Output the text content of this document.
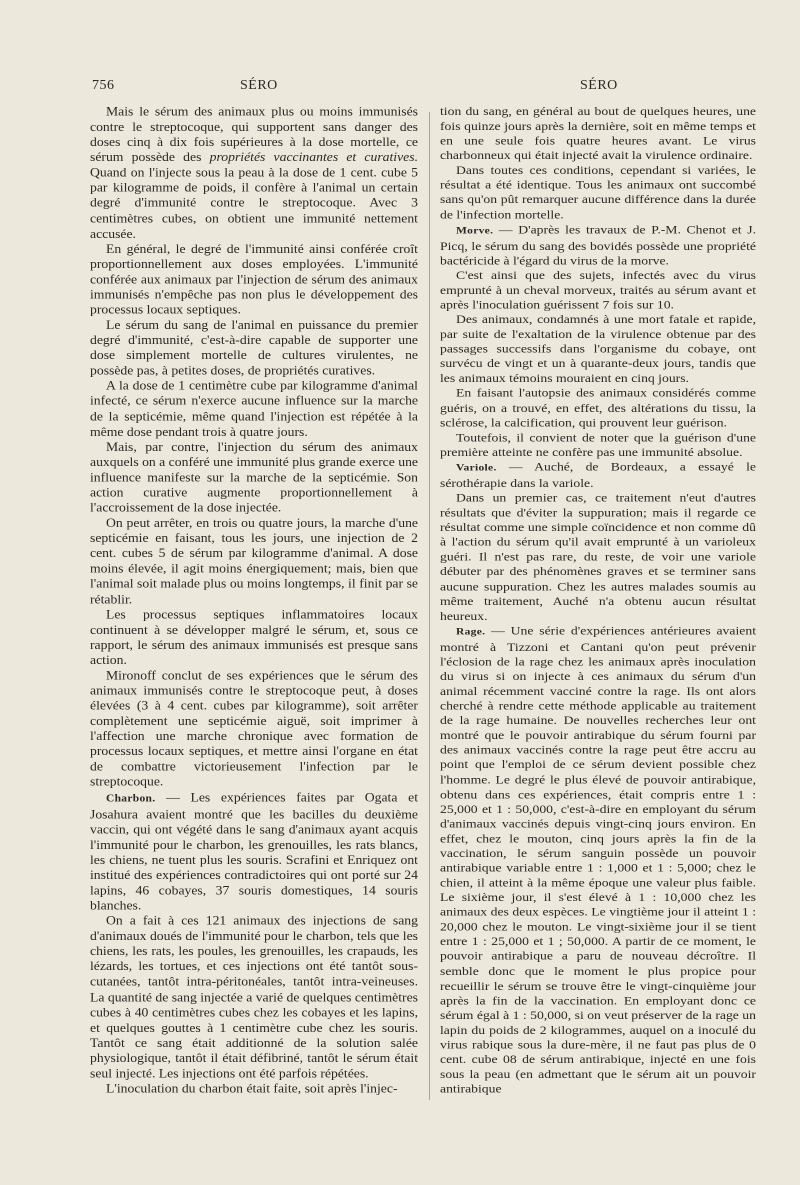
756	SÉRO	SÉRO

Mais le sérum des animaux plus ou moins immunisés contre le streptocoque, qui supportent sans danger des doses cinq à dix fois supérieures à la dose mortelle, ce sérum possède des propriétés vaccinantes et curatives. Quand on l'injecte sous la peau à la dose de 1 cent. cube 5 par kilogramme de poids, il confère à l'animal un certain degré d'immunité contre le streptocoque. Avec 3 centimètres cubes, on obtient une immunité nettement accusée.

En général, le degré de l'immunité ainsi conférée croît proportionnellement aux doses employées. L'immunité conférée aux animaux par l'injection de sérum des animaux immunisés n'empêche pas non plus le développement des processus locaux septiques.

Le sérum du sang de l'animal en puissance du premier degré d'immunité, c'est-à-dire capable de supporter une dose simplement mortelle de cultures virulentes, ne possède pas, à petites doses, de propriétés curatives.

A la dose de 1 centimètre cube par kilogramme d'animal infecté, ce sérum n'exerce aucune influence sur la marche de la septicémie, même quand l'injection est répétée à la même dose pendant trois à quatre jours.

Mais, par contre, l'injection du sérum des animaux auxquels on a conféré une immunité plus grande exerce une influence manifeste sur la marche de la septicémie. Son action curative augmente proportionnellement à l'accroissement de la dose injectée.

On peut arrêter, en trois ou quatre jours, la marche d'une septicémie en faisant, tous les jours, une injection de 2 cent. cubes 5 de sérum par kilogramme d'animal. A dose moins élevée, il agit moins énergiquement; mais, bien que l'animal soit malade plus ou moins longtemps, il finit par se rétablir.

Les processus septiques inflammatoires locaux continuent à se développer malgré le sérum, et, sous ce rapport, le sérum des animaux immunisés est presque sans action.

Mironoff conclut de ses expériences que le sérum des animaux immunisés contre le streptocoque peut, à doses élevées (3 à 4 cent. cubes par kilogramme), soit arrêter complètement une septicémie aiguë, soit imprimer à l'affection une marche chronique avec formation de processus locaux septiques, et mettre ainsi l'organe en état de combattre victorieusement l'infection par le streptocoque.

Charbon. — Les expériences faites par Ogata et Josahura avaient montré que les bacilles du deuxième vaccin, qui ont végété dans le sang d'animaux ayant acquis l'immunité pour le charbon, les grenouilles, les rats blancs, les chiens, ne tuent plus les souris. Scrafini et Enriquez ont institué des expériences contradictoires qui ont porté sur 24 lapins, 46 cobayes, 37 souris domestiques, 14 souris blanches.

On a fait à ces 121 animaux des injections de sang d'animaux doués de l'immunité pour le charbon, tels que les chiens, les rats, les poules, les grenouilles, les crapauds, les lézards, les tortues, et ces injections ont été tantôt sous-cutanées, tantôt intra-péritonéales, tantôt intra-veineuses. La quantité de sang injectée a varié de quelques centimètres cubes à 40 centimètres cubes chez les cobayes et les lapins, et quelques gouttes à 1 centimètre cube chez les souris. Tantôt ce sang était additionné de la solution salée physiologique, tantôt il était défibriné, tantôt le sérum était seul injecté. Les injections ont été parfois répétées.

L'inoculation du charbon était faite, soit après l'injec-

tion du sang, en général au bout de quelques heures, une fois quinze jours après la dernière, soit en même temps et en une seule fois quatre heures avant. Le virus charbonneux qui était injecté avait la virulence ordinaire.

Dans toutes ces conditions, cependant si variées, le résultat a été identique. Tous les animaux ont succombé sans qu'on pût remarquer aucune différence dans la durée de l'infection mortelle.

Morve. — D'après les travaux de P.-M. Chenot et J. Picq, le sérum du sang des bovidés possède une propriété bactéricide à l'égard du virus de la morve.

C'est ainsi que des sujets, infectés avec du virus emprunté à un cheval morveux, traités au sérum avant et après l'inoculation guérissent 7 fois sur 10.

Des animaux, condamnés à une mort fatale et rapide, par suite de l'exaltation de la virulence obtenue par des passages successifs dans l'organisme du cobaye, ont survécu de vingt et un à quarante-deux jours, tandis que les animaux témoins mouraient en cinq jours.

En faisant l'autopsie des animaux considérés comme guéris, on a trouvé, en effet, des altérations du tissu, la sclérose, la calcification, qui prouvent leur guérison.

Toutefois, il convient de noter que la guérison d'une première atteinte ne confère pas une immunité absolue.

Variole. — Auché, de Bordeaux, a essayé le sérothérapie dans la variole.

Dans un premier cas, ce traitement n'eut d'autres résultats que d'éviter la suppuration; mais il regarde ce résultat comme une simple coïncidence et non comme dû à l'action du sérum qu'il avait emprunté à un varioleux guéri. Il n'est pas rare, du reste, de voir une variole débuter par des phénomènes graves et se terminer sans aucune suppuration. Chez les autres malades soumis au même traitement, Auché n'a obtenu aucun résultat heureux.

Rage. — Une série d'expériences antérieures avaient montré à Tizzoni et Cantani qu'on peut prévenir l'éclosion de la rage chez les animaux après inoculation du virus si on injecte à ces animaux du sérum d'un animal récemment vacciné contre la rage. Ils ont alors cherché à rendre cette méthode applicable au traitement de la rage humaine. De nouvelles recherches leur ont montré que le pouvoir antirabique du sérum fourni par des animaux vaccinés contre la rage peut être accru au point que l'emploi de ce sérum devient possible chez l'homme. Le degré le plus élevé de pouvoir antirabique, obtenu dans ces expériences, était compris entre 1 : 25,000 et 1 : 50,000, c'est-à-dire en employant du sérum d'animaux vaccinés depuis vingt-cinq jours environ. En effet, chez le mouton, cinq jours après la fin de la vaccination, le sérum sanguin possède un pouvoir antirabique variable entre 1 : 1,000 et 1 : 5,000; chez le chien, il atteint à la même époque une valeur plus faible. Le sixième jour, il s'est élevé à 1 : 10,000 chez les animaux des deux espèces. Le vingtième jour il atteint 1 : 20,000 chez le mouton. Le vingt-sixième jour il se tient entre 1 : 25,000 et 1 ; 50,000. A partir de ce moment, le pouvoir antirabique a paru de nouveau décroître. Il semble donc que le moment le plus propice pour recueillir le sérum se trouve être le vingt-cinquième jour après la fin de la vaccination. En employant donc ce sérum égal à 1 : 50,000, si on veut préserver de la rage un lapin du poids de 2 kilogrammes, auquel on a inoculé du virus rabique sous la dure-mère, il ne faut pas plus de 0 cent. cube 08 de sérum antirabique, injecté en une fois sous la peau (en admettant que le sérum ait un pouvoir antirabique
